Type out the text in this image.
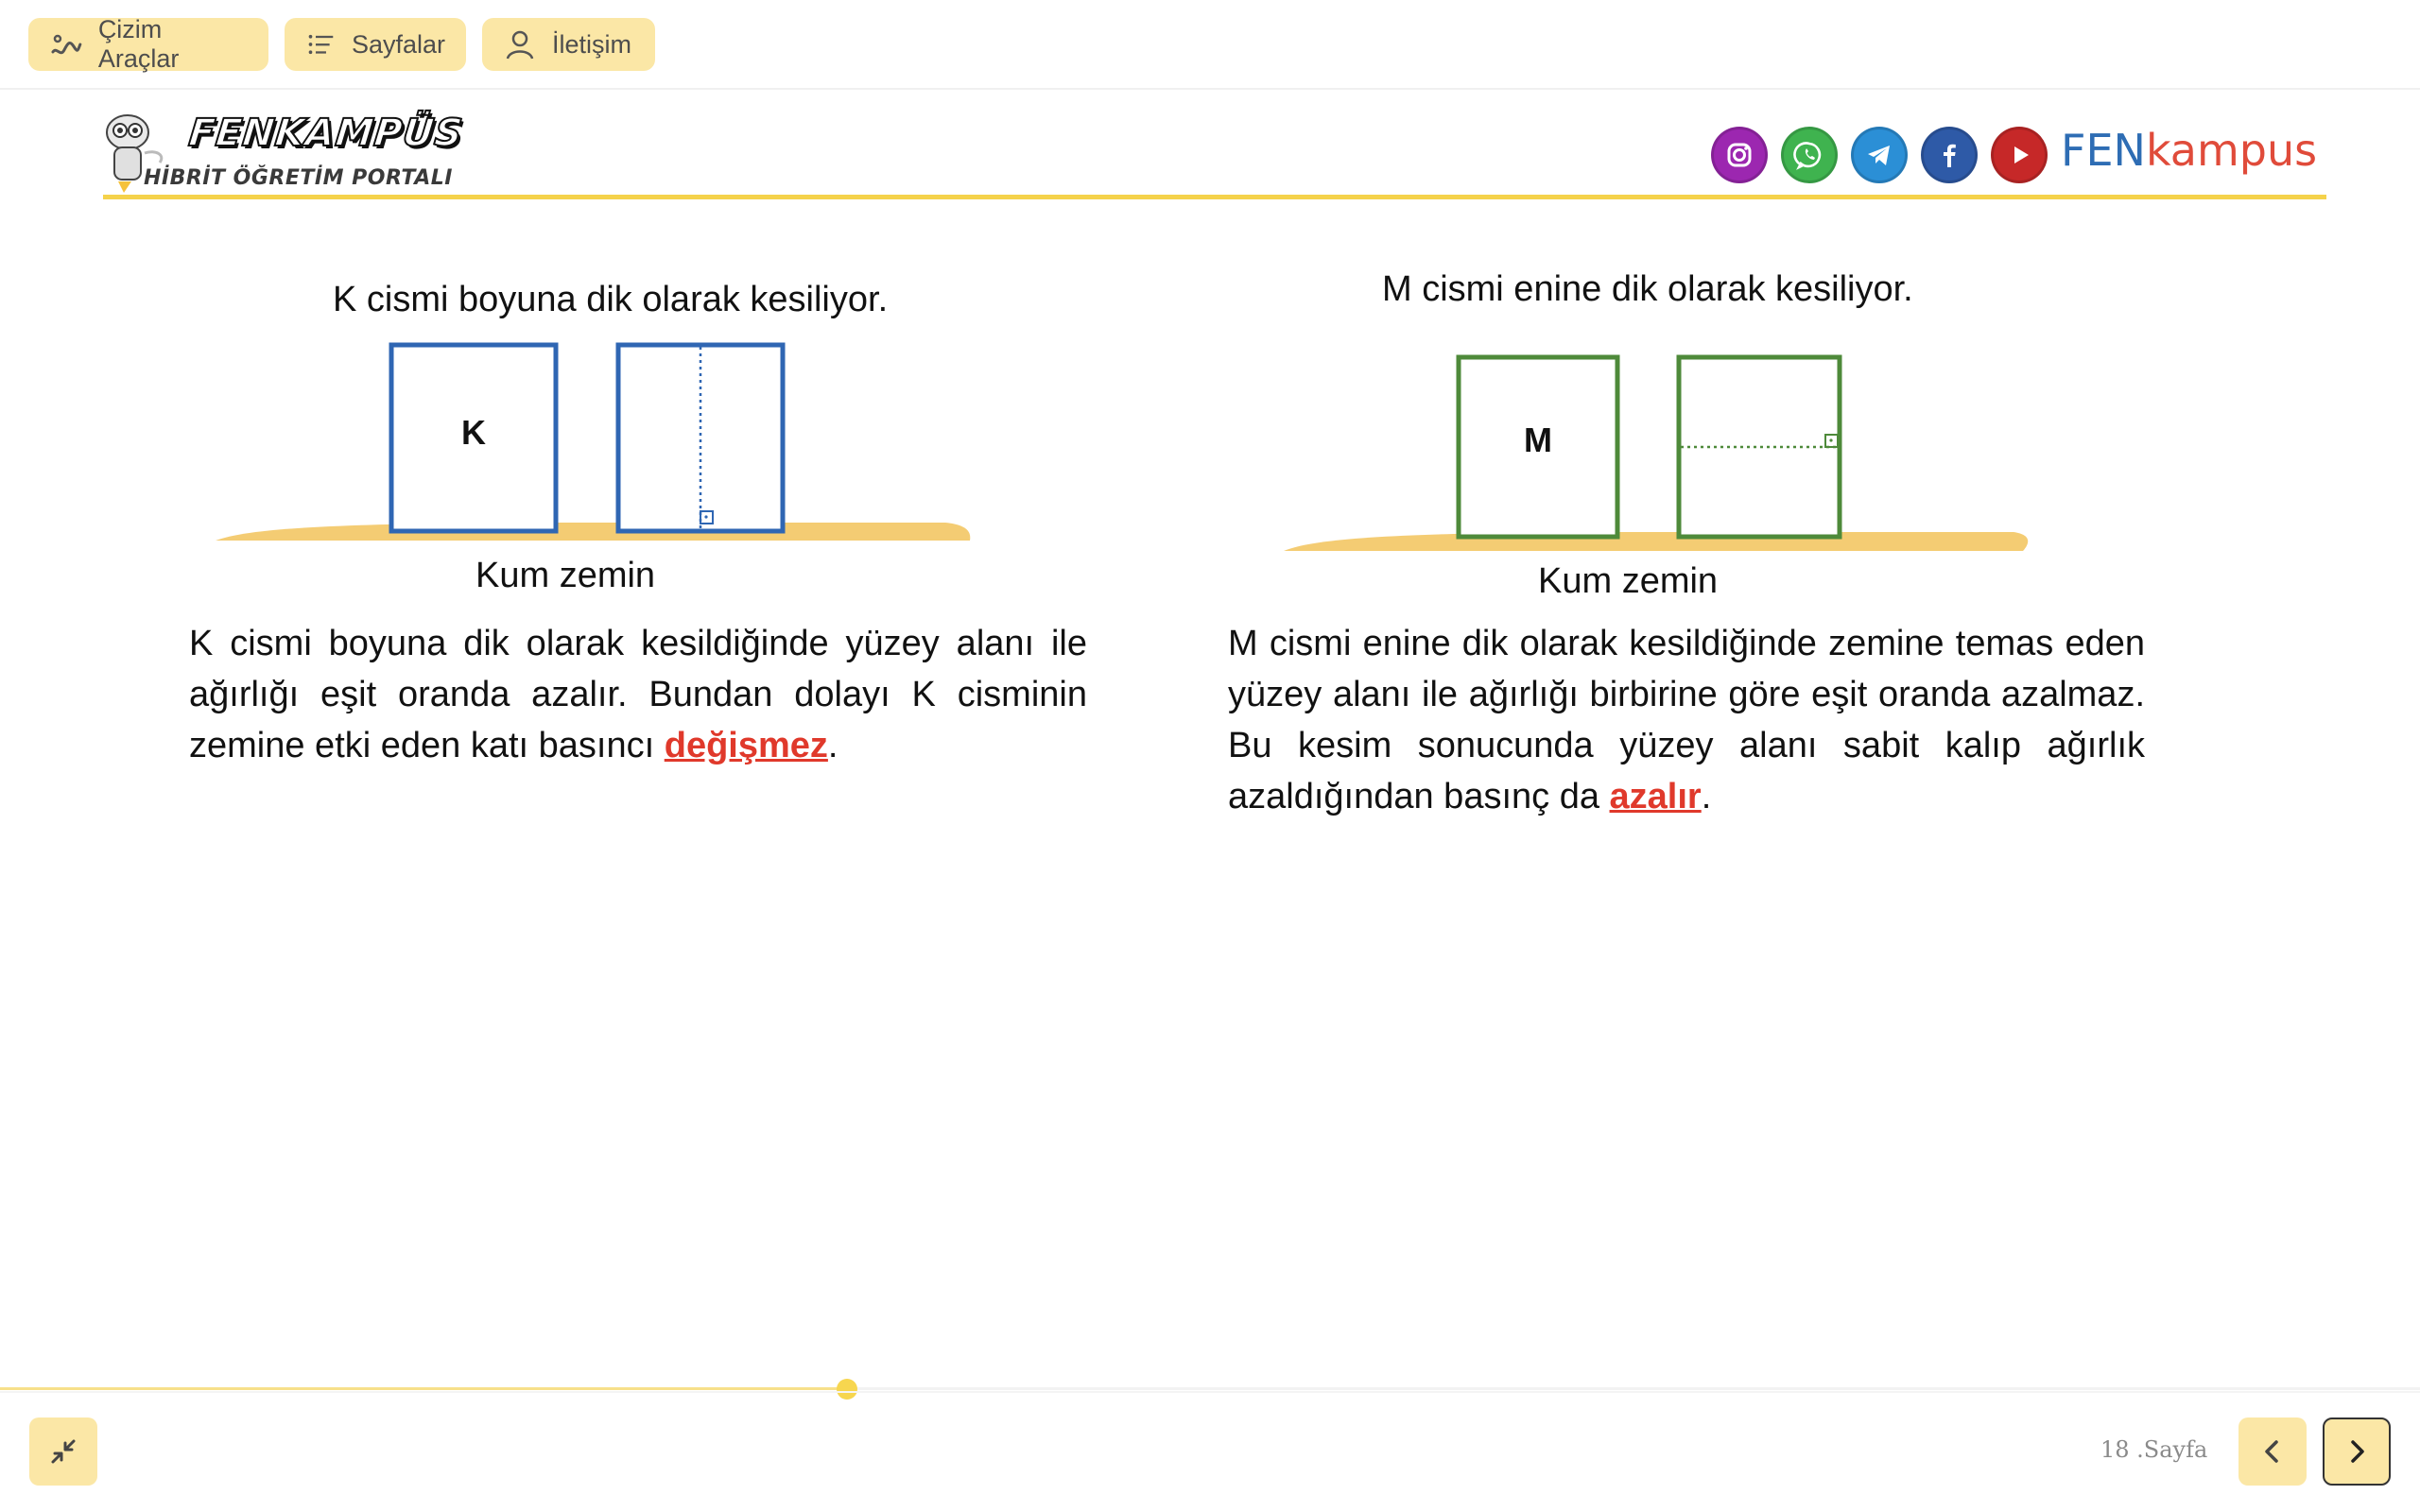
Çizim Araçlar
Sayfalar	İletişim
FENKAMPÜS
HİBRİT ÖĞRETİM PORTALI
FENkampus
K cismi boyuna dik olarak kesiliyor.
K
Kum zemin
K cismi boyuna dik olarak kesildiğinde yüzey alanı ile ağırlığı eşit oranda azalır. Bundan dolayı K cisminin zemine etki eden katı basıncı değişmez.
M cismi enine dik olarak kesiliyor.
M
Kum zemin
M cismi enine dik olarak kesildiğinde zemine temas eden yüzey alanı ile ağırlığı birbirine göre eşit oranda azalmaz. Bu kesim sonucunda yüzey alanı sabit kalıp ağırlık azaldığından basınç da azalır.
18 .Sayfa
